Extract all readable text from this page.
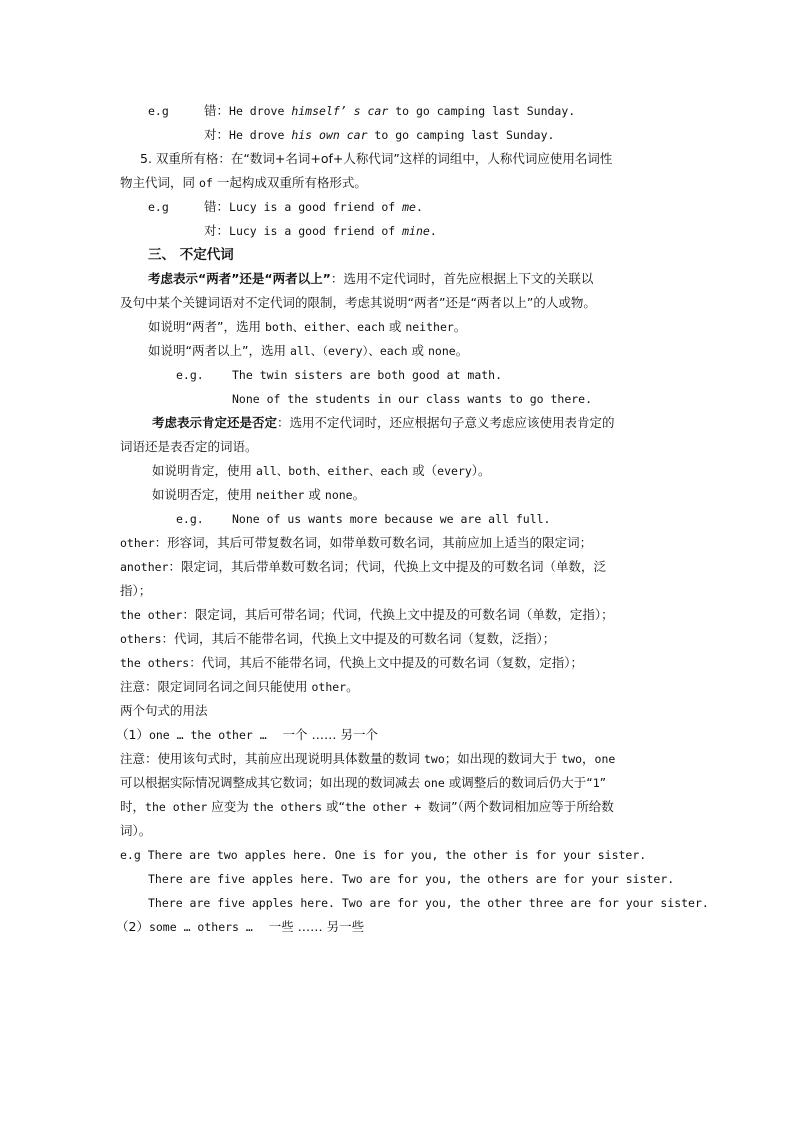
e.g	错：He drove himself’ s car to go camping last Sunday.
对：He drove his own car to go camping last Sunday.
5. 双重所有格：在“数词+名词+of+人称代词”这样的词组中，人称代词应使用名词性
物主代词，同 of 一起构成双重所有格形式。
e.g	错：Lucy is a good friend of me.
对：Lucy is a good friend of mine.
三、 不定代词
考虑表示“两者”还是“两者以上”：选用不定代词时，首先应根据上下文的关联以
及句中某个关键词语对不定代词的限制，考虑其说明“两者”还是“两者以上”的人或物。
如说明“两者”，选用 both、either、each 或 neither。
如说明“两者以上”，选用 all、（every）、each 或 none。
e.g. The twin sisters are both good at math.
None of the students in our class wants to go there.
考虑表示肯定还是否定：选用不定代词时，还应根据句子意义考虑应该使用表肯定的
词语还是表否定的词语。
如说明肯定，使用 all、both、either、each 或（every）。
如说明否定，使用 neither 或 none。
e.g. None of us wants more because we are all full.
other：形容词，其后可带复数名词，如带单数可数名词，其前应加上适当的限定词；
another：限定词，其后带单数可数名词；代词，代换上文中提及的可数名词（单数，泛
指）；
the other：限定词，其后可带名词；代词，代换上文中提及的可数名词（单数，定指）；
others：代词，其后不能带名词，代换上文中提及的可数名词（复数，泛指）；
the others：代词，其后不能带名词，代换上文中提及的可数名词（复数，定指）；
注意：限定词同名词之间只能使用 other。
两个句式的用法
（1）one … the other …    一个 …… 另一个
注意：使用该句式时，其前应出现说明具体数量的数词 two；如出现的数词大于 two，one
可以根据实际情况调整成其它数词；如出现的数词减去 one 或调整后的数词后仍大于“1”
时，the other 应变为 the others 或“the other + 数词”（两个数词相加应等于所给数
词）。
e.g There are two apples here. One is for you, the other is for your sister.
There are five apples here. Two are for you, the others are for your sister.
There are five apples here. Two are for you, the other three are for your sister.
（2）some … others …    一些 …… 另一些
